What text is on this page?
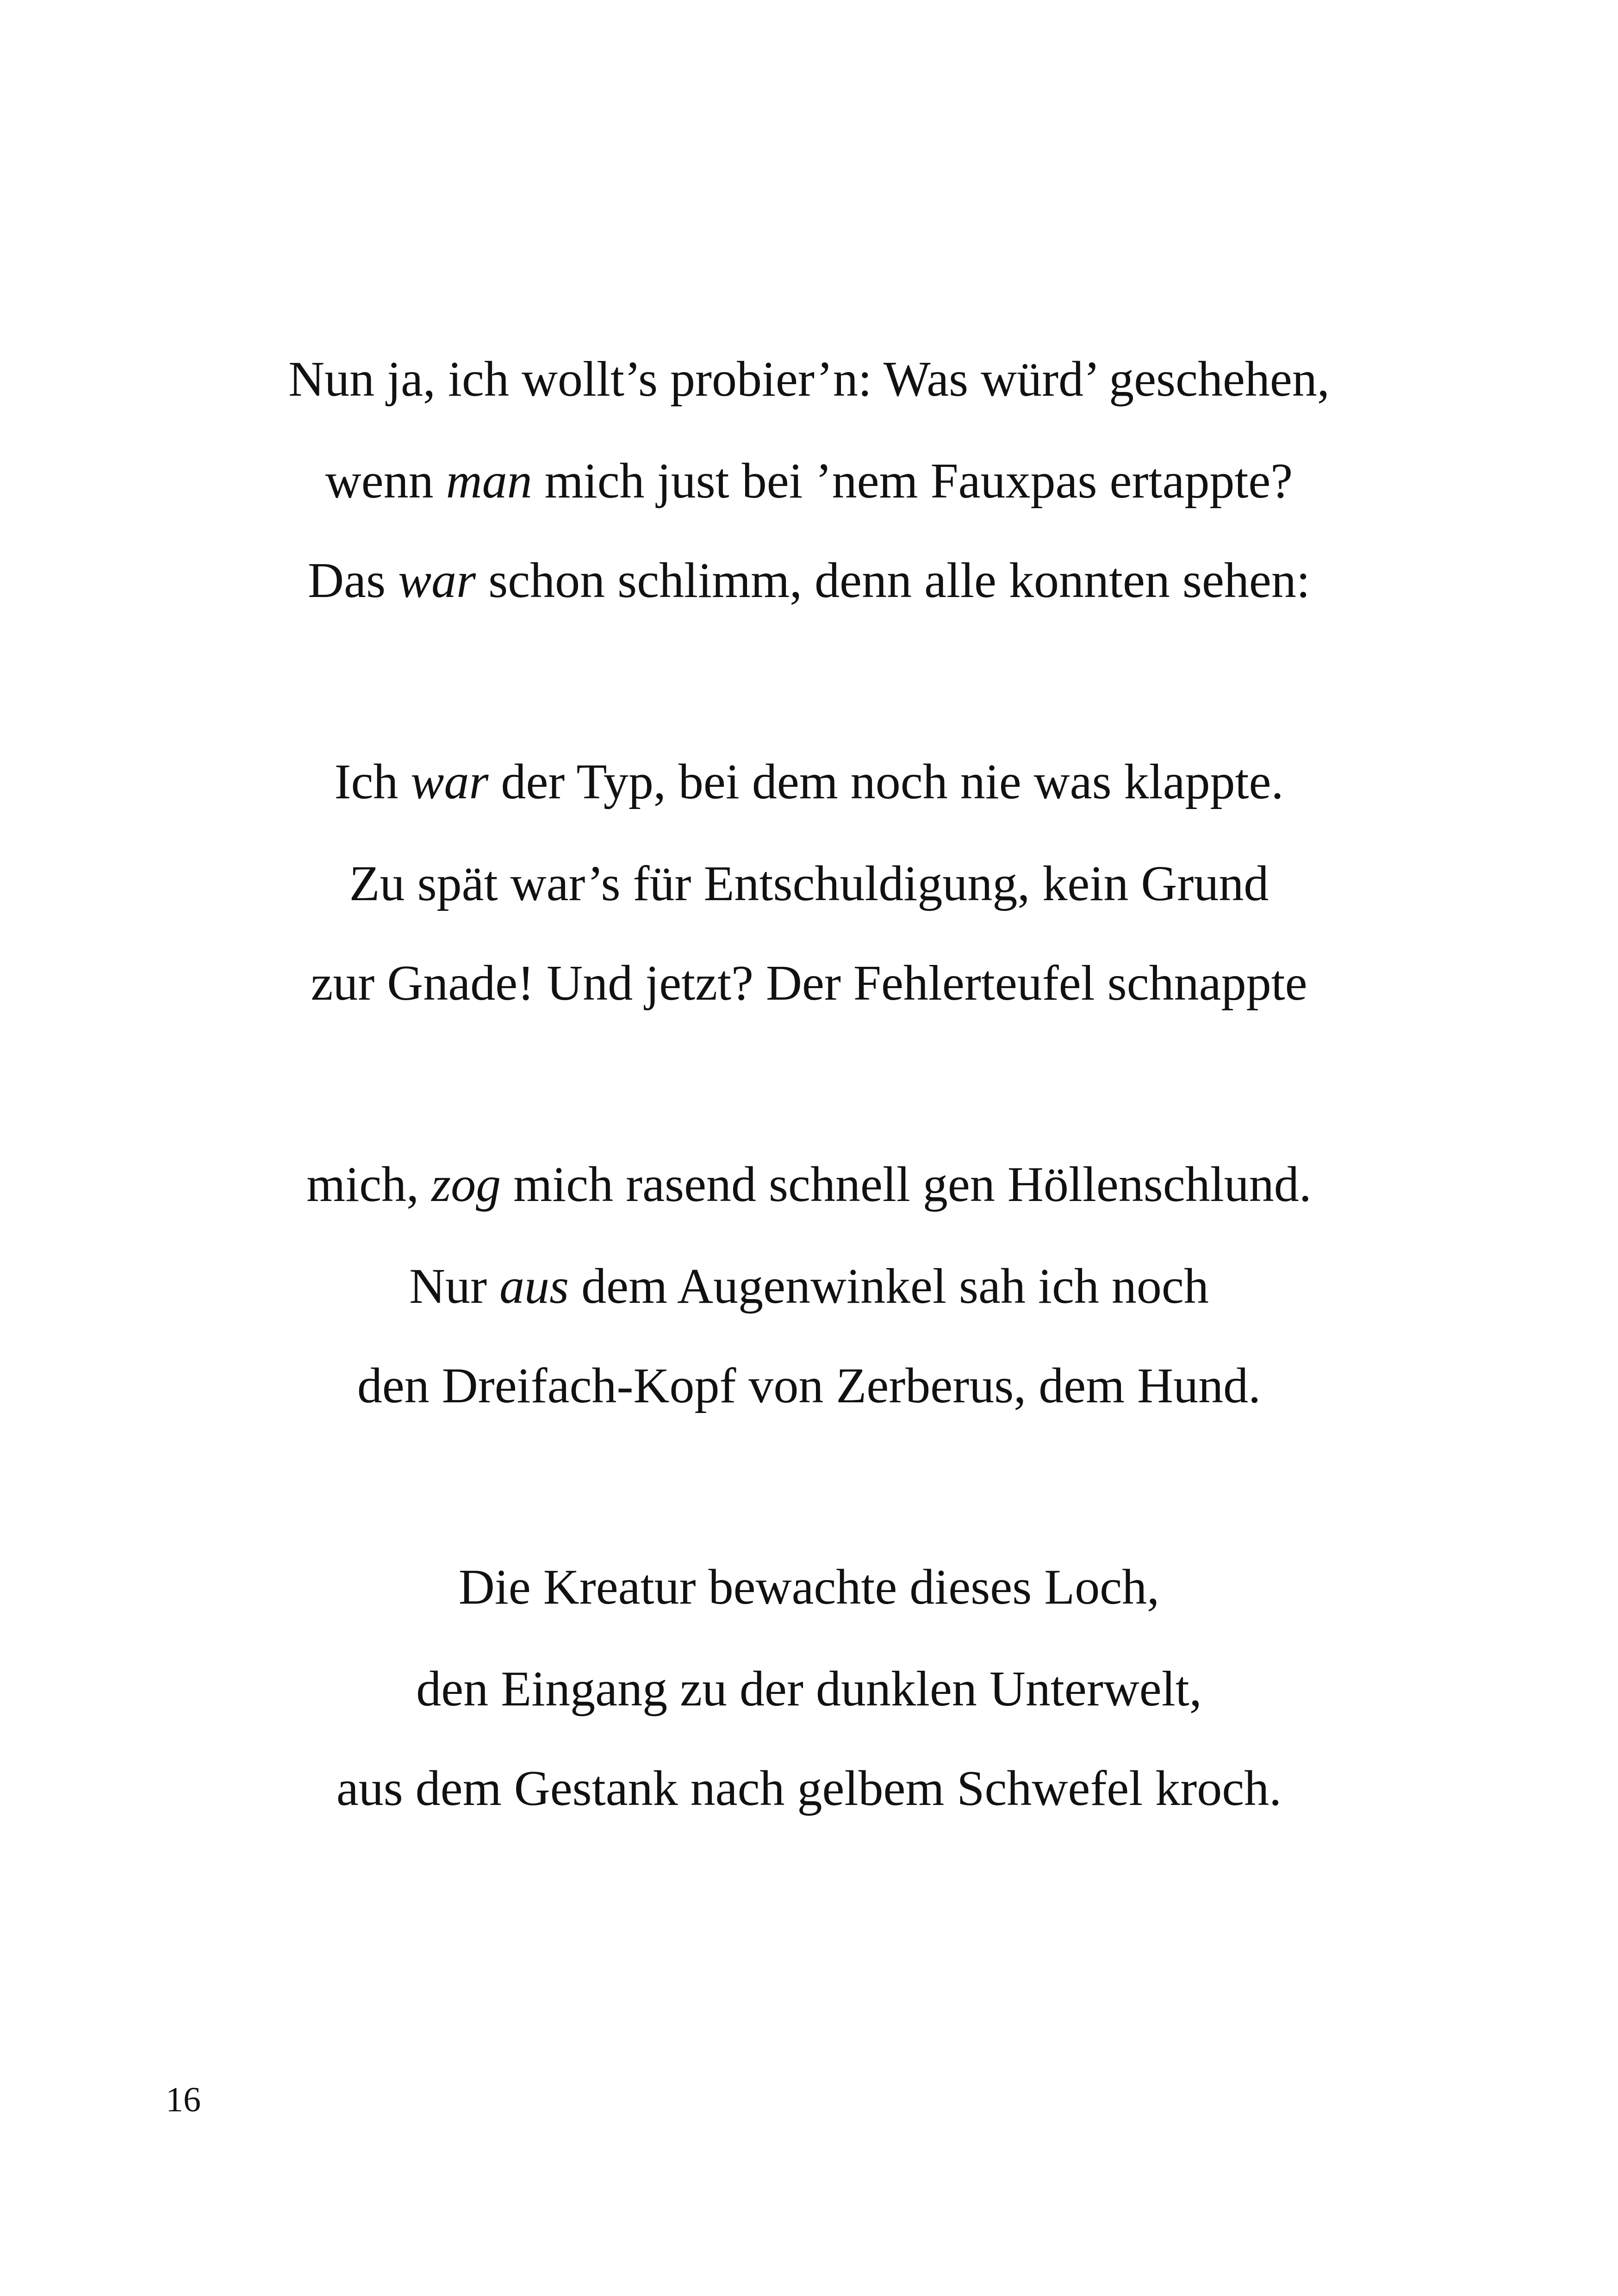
Nun ja, ich wollt’s probier’n: Was würd’ geschehen,
wenn man mich just bei ’nem Fauxpas ertappte?
Das war schon schlimm, denn alle konnten sehen:
Ich war der Typ, bei dem noch nie was klappte.
Zu spät war’s für Entschuldigung, kein Grund
zur Gnade! Und jetzt? Der Fehlerteufel schnappte
mich, zog mich rasend schnell gen Höllenschlund.
Nur aus dem Augenwinkel sah ich noch
den Dreifach-Kopf von Zerberus, dem Hund.
Die Kreatur bewachte dieses Loch,
den Eingang zu der dunklen Unterwelt,
aus dem Gestank nach gelbem Schwefel kroch.
16
